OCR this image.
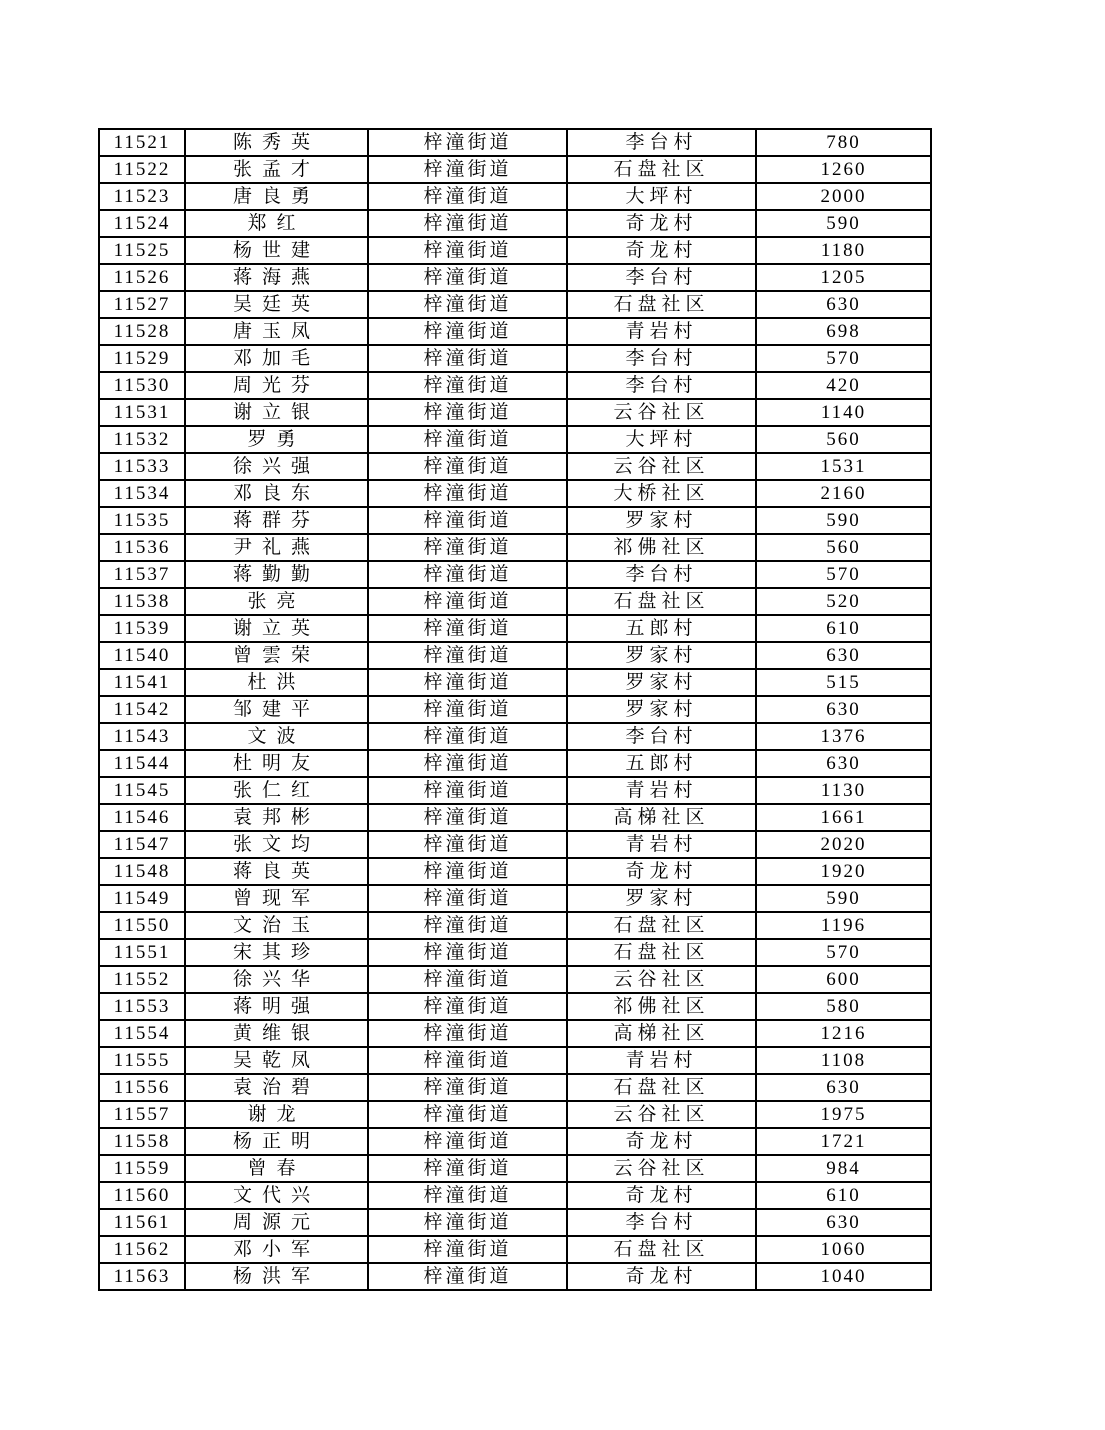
11521	陈秀英	梓潼街道	李台村	780
11522	张孟才	梓潼街道	石盘社区	1260
11523	唐良勇	梓潼街道	大坪村	2000
11524	郑红	梓潼街道	奇龙村	590
11525	杨世建	梓潼街道	奇龙村	1180
11526	蒋海燕	梓潼街道	李台村	1205
11527	吴廷英	梓潼街道	石盘社区	630
11528	唐玉凤	梓潼街道	青岩村	698
11529	邓加毛	梓潼街道	李台村	570
11530	周光芬	梓潼街道	李台村	420
11531	谢立银	梓潼街道	云谷社区	1140
11532	罗勇	梓潼街道	大坪村	560
11533	徐兴强	梓潼街道	云谷社区	1531
11534	邓良东	梓潼街道	大桥社区	2160
11535	蒋群芬	梓潼街道	罗家村	590
11536	尹礼燕	梓潼街道	祁佛社区	560
11537	蒋勤勤	梓潼街道	李台村	570
11538	张亮	梓潼街道	石盘社区	520
11539	谢立英	梓潼街道	五郎村	610
11540	曾雲荣	梓潼街道	罗家村	630
11541	杜洪	梓潼街道	罗家村	515
11542	邹建平	梓潼街道	罗家村	630
11543	文波	梓潼街道	李台村	1376
11544	杜明友	梓潼街道	五郎村	630
11545	张仁红	梓潼街道	青岩村	1130
11546	袁邦彬	梓潼街道	高梯社区	1661
11547	张文均	梓潼街道	青岩村	2020
11548	蒋良英	梓潼街道	奇龙村	1920
11549	曾现军	梓潼街道	罗家村	590
11550	文治玉	梓潼街道	石盘社区	1196
11551	宋其珍	梓潼街道	石盘社区	570
11552	徐兴华	梓潼街道	云谷社区	600
11553	蒋明强	梓潼街道	祁佛社区	580
11554	黄维银	梓潼街道	高梯社区	1216
11555	吴乾凤	梓潼街道	青岩村	1108
11556	袁治碧	梓潼街道	石盘社区	630
11557	谢龙	梓潼街道	云谷社区	1975
11558	杨正明	梓潼街道	奇龙村	1721
11559	曾春	梓潼街道	云谷社区	984
11560	文代兴	梓潼街道	奇龙村	610
11561	周源元	梓潼街道	李台村	630
11562	邓小军	梓潼街道	石盘社区	1060
11563	杨洪军	梓潼街道	奇龙村	1040
